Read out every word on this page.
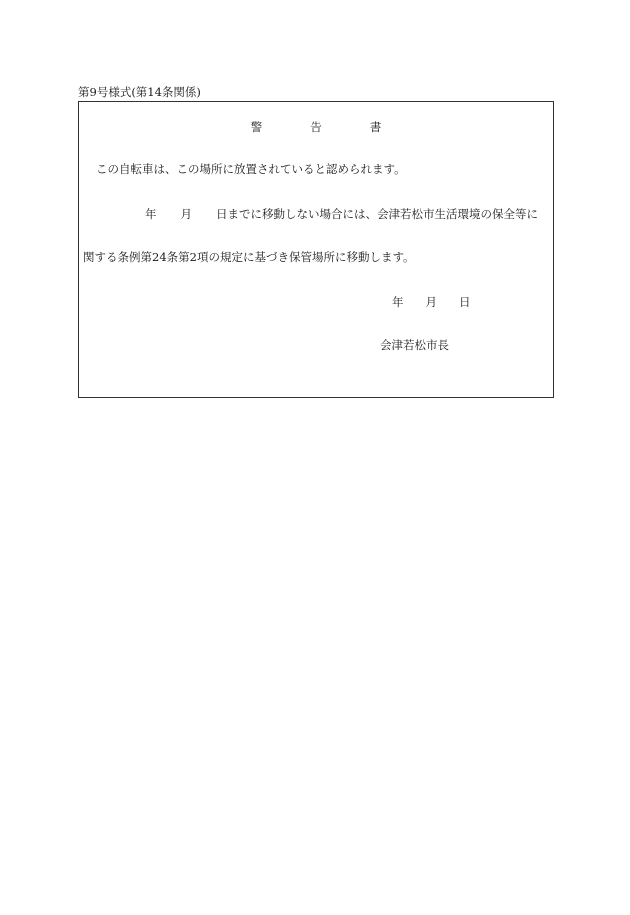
第9号様式(第14条関係)
警	告	書
この自転車は、この場所に放置されていると認められます。
年 月 日までに移動しない場合には、会津若松市生活環境の保全等に
関する条例第24条第2項の規定に基づき保管場所に移動します。
年 月 日
会津若松市長
